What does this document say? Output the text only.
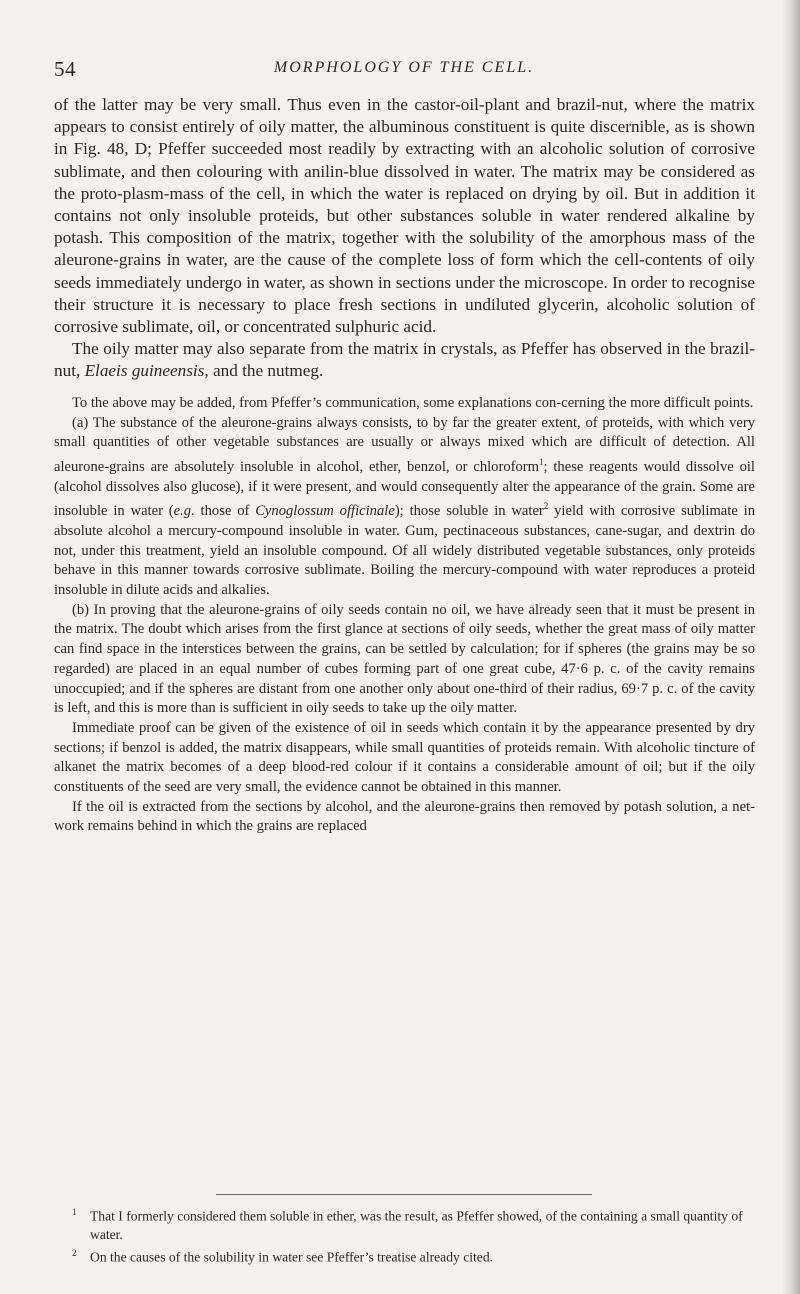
54	MORPHOLOGY OF THE CELL.

of the latter may be very small. Thus even in the castor-oil-plant and brazil-nut, where the matrix appears to consist entirely of oily matter, the albuminous constituent is quite discernible, as is shown in Fig. 48, D; Pfeffer succeeded most readily by extracting with an alcoholic solution of corrosive sublimate, and then colouring with anilin-blue dissolved in water. The matrix may be considered as the proto-plasm-mass of the cell, in which the water is replaced on drying by oil. But in addition it contains not only insoluble proteids, but other substances soluble in water rendered alkaline by potash. This composition of the matrix, together with the solubility of the amorphous mass of the aleurone-grains in water, are the cause of the complete loss of form which the cell-contents of oily seeds immediately undergo in water, as shown in sections under the microscope. In order to recognise their structure it is necessary to place fresh sections in undiluted glycerin, alcoholic solution of corrosive sublimate, oil, or concentrated sulphuric acid.

The oily matter may also separate from the matrix in crystals, as Pfeffer has observed in the brazil-nut, Elaeis guineensis, and the nutmeg.

To the above may be added, from Pfeffer’s communication, some explanations con-cerning the more difficult points.

(a) The substance of the aleurone-grains always consists, to by far the greater extent, of proteids, with which very small quantities of other vegetable substances are usually or always mixed which are difficult of detection. All aleurone-grains are absolutely insoluble in alcohol, ether, benzol, or chloroform$^1$; these reagents would dissolve oil (alcohol dissolves also glucose), if it were present, and would consequently alter the appearance of the grain. Some are insoluble in water (e.g. those of Cynoglossum officinale); those soluble in water$^2$ yield with corrosive sublimate in absolute alcohol a mercury-compound insoluble in water. Gum, pectinaceous substances, cane-sugar, and dextrin do not, under this treatment, yield an insoluble compound. Of all widely distributed vegetable substances, only proteids behave in this manner towards corrosive sublimate. Boiling the mercury-compound with water reproduces a proteid insoluble in dilute acids and alkalies.

(b) In proving that the aleurone-grains of oily seeds contain no oil, we have already seen that it must be present in the matrix. The doubt which arises from the first glance at sections of oily seeds, whether the great mass of oily matter can find space in the interstices between the grains, can be settled by calculation; for if spheres (the grains may be so regarded) are placed in an equal number of cubes forming part of one great cube, 47·6 p. c. of the cavity remains unoccupied; and if the spheres are distant from one another only about one-third of their radius, 69·7 p. c. of the cavity is left, and this is more than is sufficient in oily seeds to take up the oily matter.

Immediate proof can be given of the existence of oil in seeds which contain it by the appearance presented by dry sections; if benzol is added, the matrix disappears, while small quantities of proteids remain. With alcoholic tincture of alkanet the matrix becomes of a deep blood-red colour if it contains a considerable amount of oil; but if the oily constituents of the seed are very small, the evidence cannot be obtained in this manner.

If the oil is extracted from the sections by alcohol, and the aleurone-grains then removed by potash solution, a net-work remains behind in which the grains are replaced

$^1$ That I formerly considered them soluble in ether, was the result, as Pfeffer showed, of the containing a small quantity of water.

$^2$ On the causes of the solubility in water see Pfeffer’s treatise already cited.
